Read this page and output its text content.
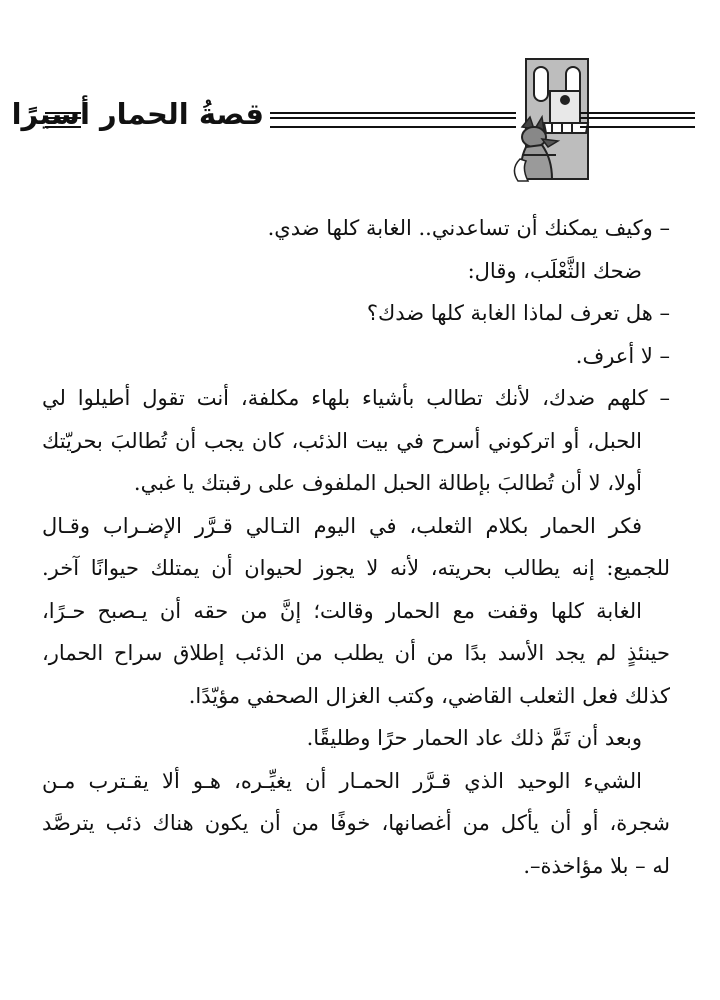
قصةُ الحمار أسيرًا
– وكيف يمكنك أن تساعدني.. الغابة كلها ضدي.
ضحك الثَّعْلَب، وقال:
– هل تعرف لماذا الغابة كلها ضدك؟
– لا أعرف.
– كلهم ضدك، لأنك تطالب بأشياء بلهاء مكلفة، أنت تقول أطيلوا لي
الحبل، أو اتركوني أسرح في بيت الذئب، كان يجب أن تُطالبَ بحريّتك
أولا، لا أن تُطالبَ بإطالة الحبل الملفوف على رقبتك يا غبي.
فكر الحمار بكلام الثعلب، في اليوم التـالي قـرَّر الإضـراب وقـال
للجميع: إنه يطالب بحريته، لأنه لا يجوز لحيوان أن يمتلك حيوانًا آخر.
الغابة كلها وقفت مع الحمار وقالت؛ إنَّ من حقه أن يـصبح حـرًا،
حينئذٍ لم يجد الأسد بدًا من أن يطلب من الذئب إطلاق سراح الحمار،
كذلك فعل الثعلب القاضي، وكتب الغزال الصحفي مؤيّدًا.
وبعد أن تَمَّ ذلك عاد الحمار حرًا وطليقًا.
الشيء الوحيد الذي قـرَّر الحمـار أن يغيِّـره، هـو ألا يقـترب مـن
شجرة، أو أن يأكل من أغصانها، خوفًا من أن يكون هناك ذئب يترصَّد
له – بلا مؤاخذة–.
